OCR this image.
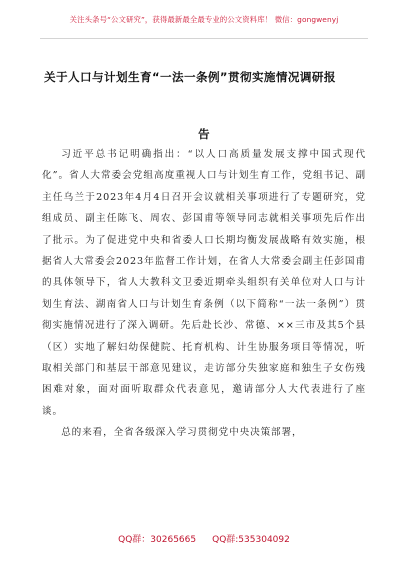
关注头条号“公文研究”，获得最新最全最专业的公文资料库！ 微信：gongwenyj
关于人口与计划生育“一法一条例”贯彻实施情况调研报
告

习近平总书记明确指出：“以人口高质量发展支撑中国式现代化”。省人大常委会党组高度重视人口与计划生育工作，党组书记、副主任乌兰于2023年4月4日召开会议就相关事项进行了专题研究，党组成员、副主任陈飞、周农、彭国甫等领导同志就相关事项先后作出了批示。为了促进党中央和省委人口长期均衡发展战略有效实施，根据省人大常委会2023年监督工作计划，在省人大常委会副主任彭国甫的具体领导下，省人大教科文卫委近期牵头组织有关单位对人口与计划生育法、湖南省人口与计划生育条例（以下简称“一法一条例”）贯彻实施情况进行了深入调研。先后赴长沙、常德、××三市及其5个县（区）实地了解妇幼保健院、托育机构、计生协服务项目等情况，听取相关部门和基层干部意见建议，走访部分失独家庭和独生子女伤残困难对象，面对面听取群众代表意见，邀请部分人大代表进行了座谈。

总的来看，全省各级深入学习贯彻党中央决策部署，

QQ群：30265665 QQ群:535304092
